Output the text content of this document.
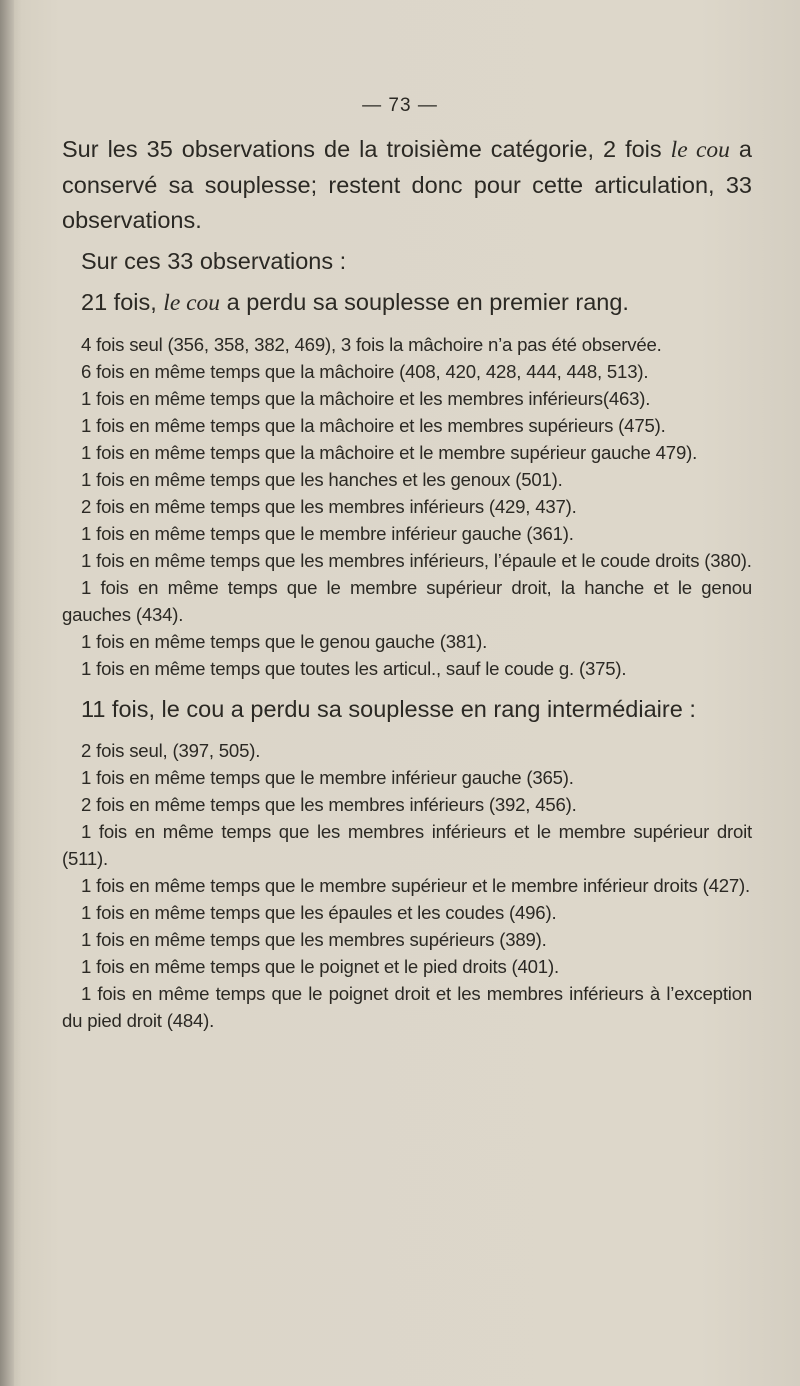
— 73 —

Sur les 35 observations de la troisième catégorie, 2 fois le cou a conservé sa souplesse; restent donc pour cette articulation, 33 observations.

Sur ces 33 observations :

21 fois, le cou a perdu sa souplesse en premier rang.

4 fois seul (356, 358, 382, 469), 3 fois la mâchoire n’a pas été observée.

6 fois en même temps que la mâchoire (408, 420, 428, 444, 448, 513).

1 fois en même temps que la mâchoire et les membres inférieurs(463).

1 fois en même temps que la mâchoire et les membres supérieurs (475).

1 fois en même temps que la mâchoire et le membre supérieur gauche 479).

1 fois en même temps que les hanches et les genoux (501).

2 fois en même temps que les membres inférieurs (429, 437).

1 fois en même temps que le membre inférieur gauche (361).

1 fois en même temps que les membres inférieurs, l’épaule et le coude droits (380).

1 fois en même temps que le membre supérieur droit, la hanche et le genou gauches (434).

1 fois en même temps que le genou gauche (381).

1 fois en même temps que toutes les articul., sauf le coude g. (375).

11 fois, le cou a perdu sa souplesse en rang intermédiaire :

2 fois seul, (397, 505).

1 fois en même temps que le membre inférieur gauche (365).

2 fois en même temps que les membres inférieurs (392, 456).

1 fois en même temps que les membres inférieurs et le membre supérieur droit (511).

1 fois en même temps que le membre supérieur et le membre inférieur droits (427).

1 fois en même temps que les épaules et les coudes (496).

1 fois en même temps que les membres supérieurs (389).

1 fois en même temps que le poignet et le pied droits (401).

1 fois en même temps que le poignet droit et les membres inférieurs à l’exception du pied droit (484).
